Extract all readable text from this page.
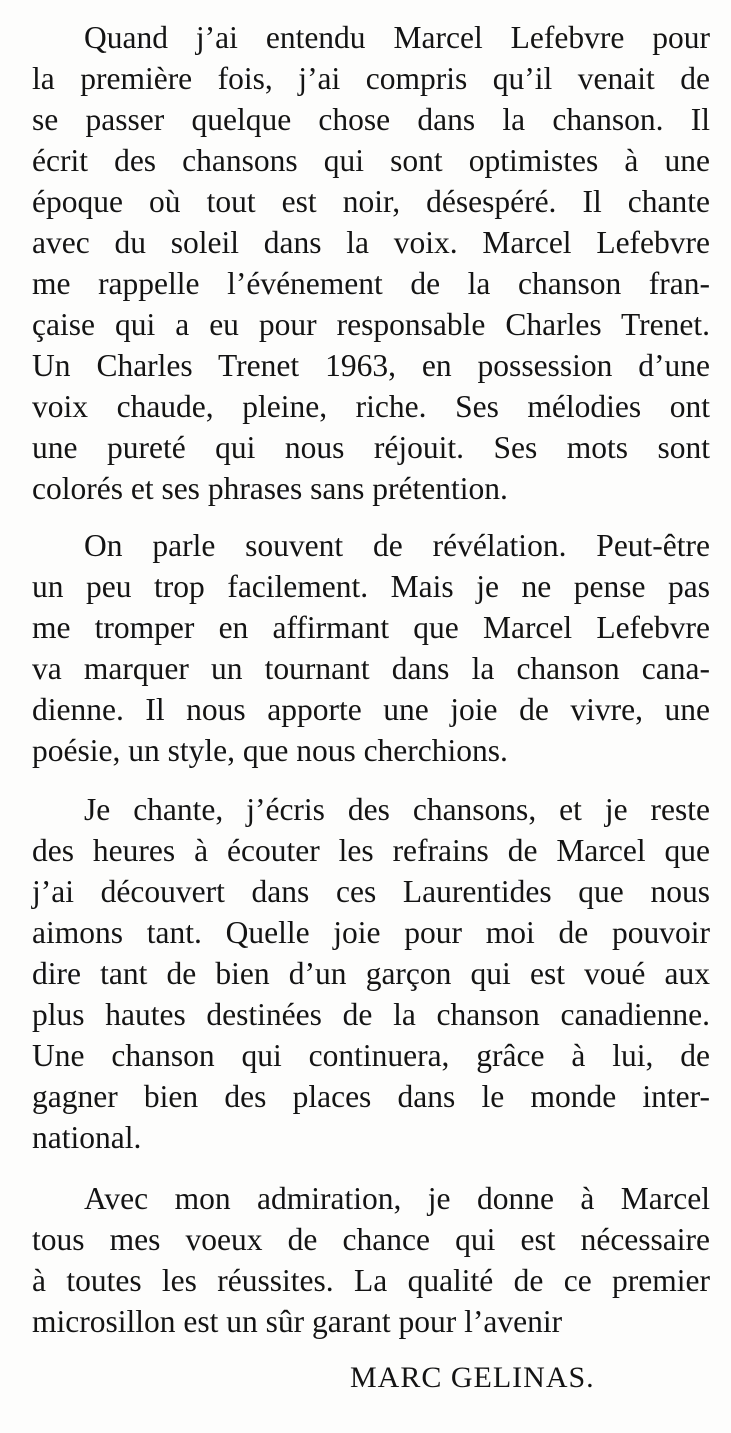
Quand j’ai entendu Marcel Lefebvre pour
la première fois, j’ai compris qu’il venait de
se passer quelque chose dans la chanson. Il
écrit des chansons qui sont optimistes à une
époque où tout est noir, désespéré. Il chante
avec du soleil dans la voix. Marcel Lefebvre
me rappelle l’événement de la chanson fran-
çaise qui a eu pour responsable Charles Trenet.
Un Charles Trenet 1963, en possession d’une
voix chaude, pleine, riche. Ses mélodies ont
une pureté qui nous réjouit. Ses mots sont
colorés et ses phrases sans prétention.
On parle souvent de révélation. Peut-être
un peu trop facilement. Mais je ne pense pas
me tromper en affirmant que Marcel Lefebvre
va marquer un tournant dans la chanson cana-
dienne. Il nous apporte une joie de vivre, une
poésie, un style, que nous cherchions.
Je chante, j’écris des chansons, et je reste
des heures à écouter les refrains de Marcel que
j’ai découvert dans ces Laurentides que nous
aimons tant. Quelle joie pour moi de pouvoir
dire tant de bien d’un garçon qui est voué aux
plus hautes destinées de la chanson canadienne.
Une chanson qui continuera, grâce à lui, de
gagner bien des places dans le monde inter-
national.
Avec mon admiration, je donne à Marcel
tous mes voeux de chance qui est nécessaire
à toutes les réussites. La qualité de ce premier
microsillon est un sûr garant pour l’avenir
MARC GELINAS.
